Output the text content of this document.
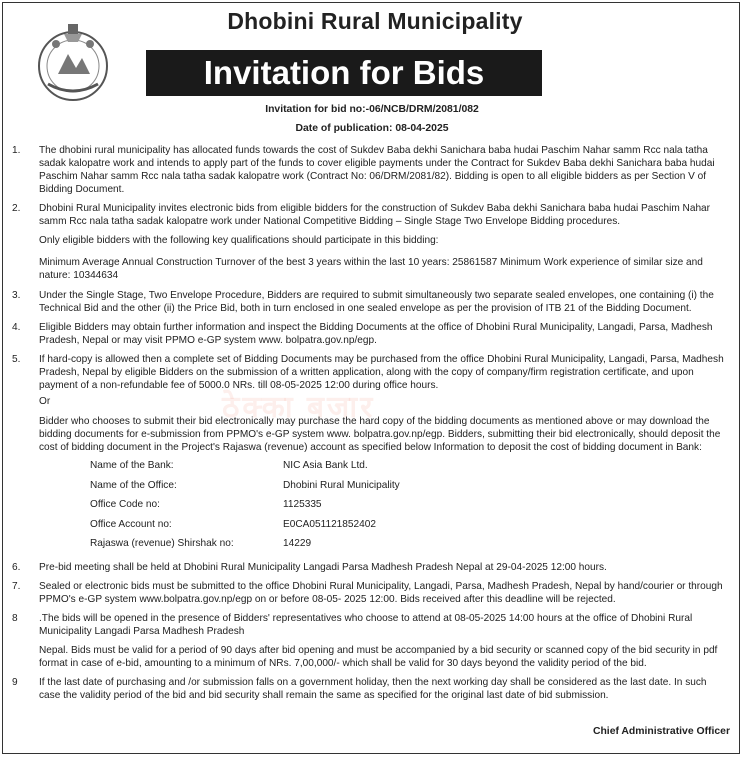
Dhobini Rural Municipality
Invitation for Bids
Invitation for bid no:-06/NCB/DRM/2081/082
Date of publication: 08-04-2025
ठेक्का बजार
1.	The dhobini rural municipality has allocated funds towards the cost of Sukdev Baba dekhi Sanichara baba hudai Paschim Nahar samm Rcc nala tatha sadak kalopatre work and intends to apply part of the funds to cover eligible payments under the Contract for Sukdev Baba dekhi Sanichara baba hudai Paschim Nahar samm Rcc nala tatha sadak kalopatre work (Contract No: 06/DRM/2081/82). Bidding is open to all eligible bidders as per Section V of Bidding Document.
2.	Dhobini Rural Municipality invites electronic bids from eligible bidders for the construction of Sukdev Baba dekhi Sanichara baba hudai Paschim Nahar samm Rcc nala tatha sadak kalopatre work under National Competitive Bidding – Single Stage Two Envelope Bidding procedures.
Only eligible bidders with the following key qualifications should participate in this bidding:
Minimum Average Annual Construction Turnover of the best 3 years within the last 10 years: 25861587 Minimum Work experience of similar size and nature: 10344634
3.	Under the Single Stage, Two Envelope Procedure, Bidders are required to submit simultaneously two separate sealed envelopes, one containing (i) the Technical Bid and the other (ii) the Price Bid, both in turn enclosed in one sealed envelope as per the provision of ITB 21 of the Bidding Document.
4.	Eligible Bidders may obtain further information and inspect the Bidding Documents at the office of Dhobini Rural Municipality, Langadi, Parsa, Madhesh Pradesh, Nepal or may visit PPMO e-GP system www. bolpatra.gov.np/egp.
5.	If hard-copy is allowed then a complete set of Bidding Documents may be purchased from the office Dhobini Rural Municipality, Langadi, Parsa, Madhesh Pradesh, Nepal by eligible Bidders on the submission of a written application, along with the copy of company/firm registration certificate, and upon payment of a non-refundable fee of 5000.0 NRs. till 08-05-2025 12:00 during office hours.
Or
Bidder who chooses to submit their bid electronically may purchase the hard copy of the bidding documents as mentioned above or may download the bidding documents for e-submission from PPMO's e-GP system www. bolpatra.gov.np/egp. Bidders, submitting their bid electronically, should deposit the cost of bidding document in the Project's Rajaswa (revenue) account as specified below Information to deposit the cost of bidding document in Bank:
Name of the Bank:	NIC Asia Bank Ltd.
Name of the Office:	Dhobini Rural Municipality
Office Code no:	1125335
Office Account no:	E0CA051121852402
Rajaswa (revenue) Shirshak no:	14229
6.	Pre-bid meeting shall be held at Dhobini Rural Municipality Langadi Parsa Madhesh Pradesh Nepal at 29-04-2025 12:00 hours.
7.	Sealed or electronic bids must be submitted to the office Dhobini Rural Municipality, Langadi, Parsa, Madhesh Pradesh, Nepal by hand/courier or through PPMO's e-GP system www.bolpatra.gov.np/egp on or before 08-05- 2025 12:00. Bids received after this deadline will be rejected.
8	.The bids will be opened in the presence of Bidders' representatives who choose to attend at 08-05-2025 14:00 hours at the office of Dhobini Rural Municipality Langadi Parsa Madhesh Pradesh
Nepal. Bids must be valid for a period of 90 days after bid opening and must be accompanied by a bid security or scanned copy of the bid security in pdf format in case of e-bid, amounting to a minimum of NRs. 7,00,000/- which shall be valid for 30 days beyond the validity period of the bid.
9	If the last date of purchasing and /or submission falls on a government holiday, then the next working day shall be considered as the last date. In such case the validity period of the bid and bid security shall remain the same as specified for the original last date of bid submission.
Chief Administrative Officer
